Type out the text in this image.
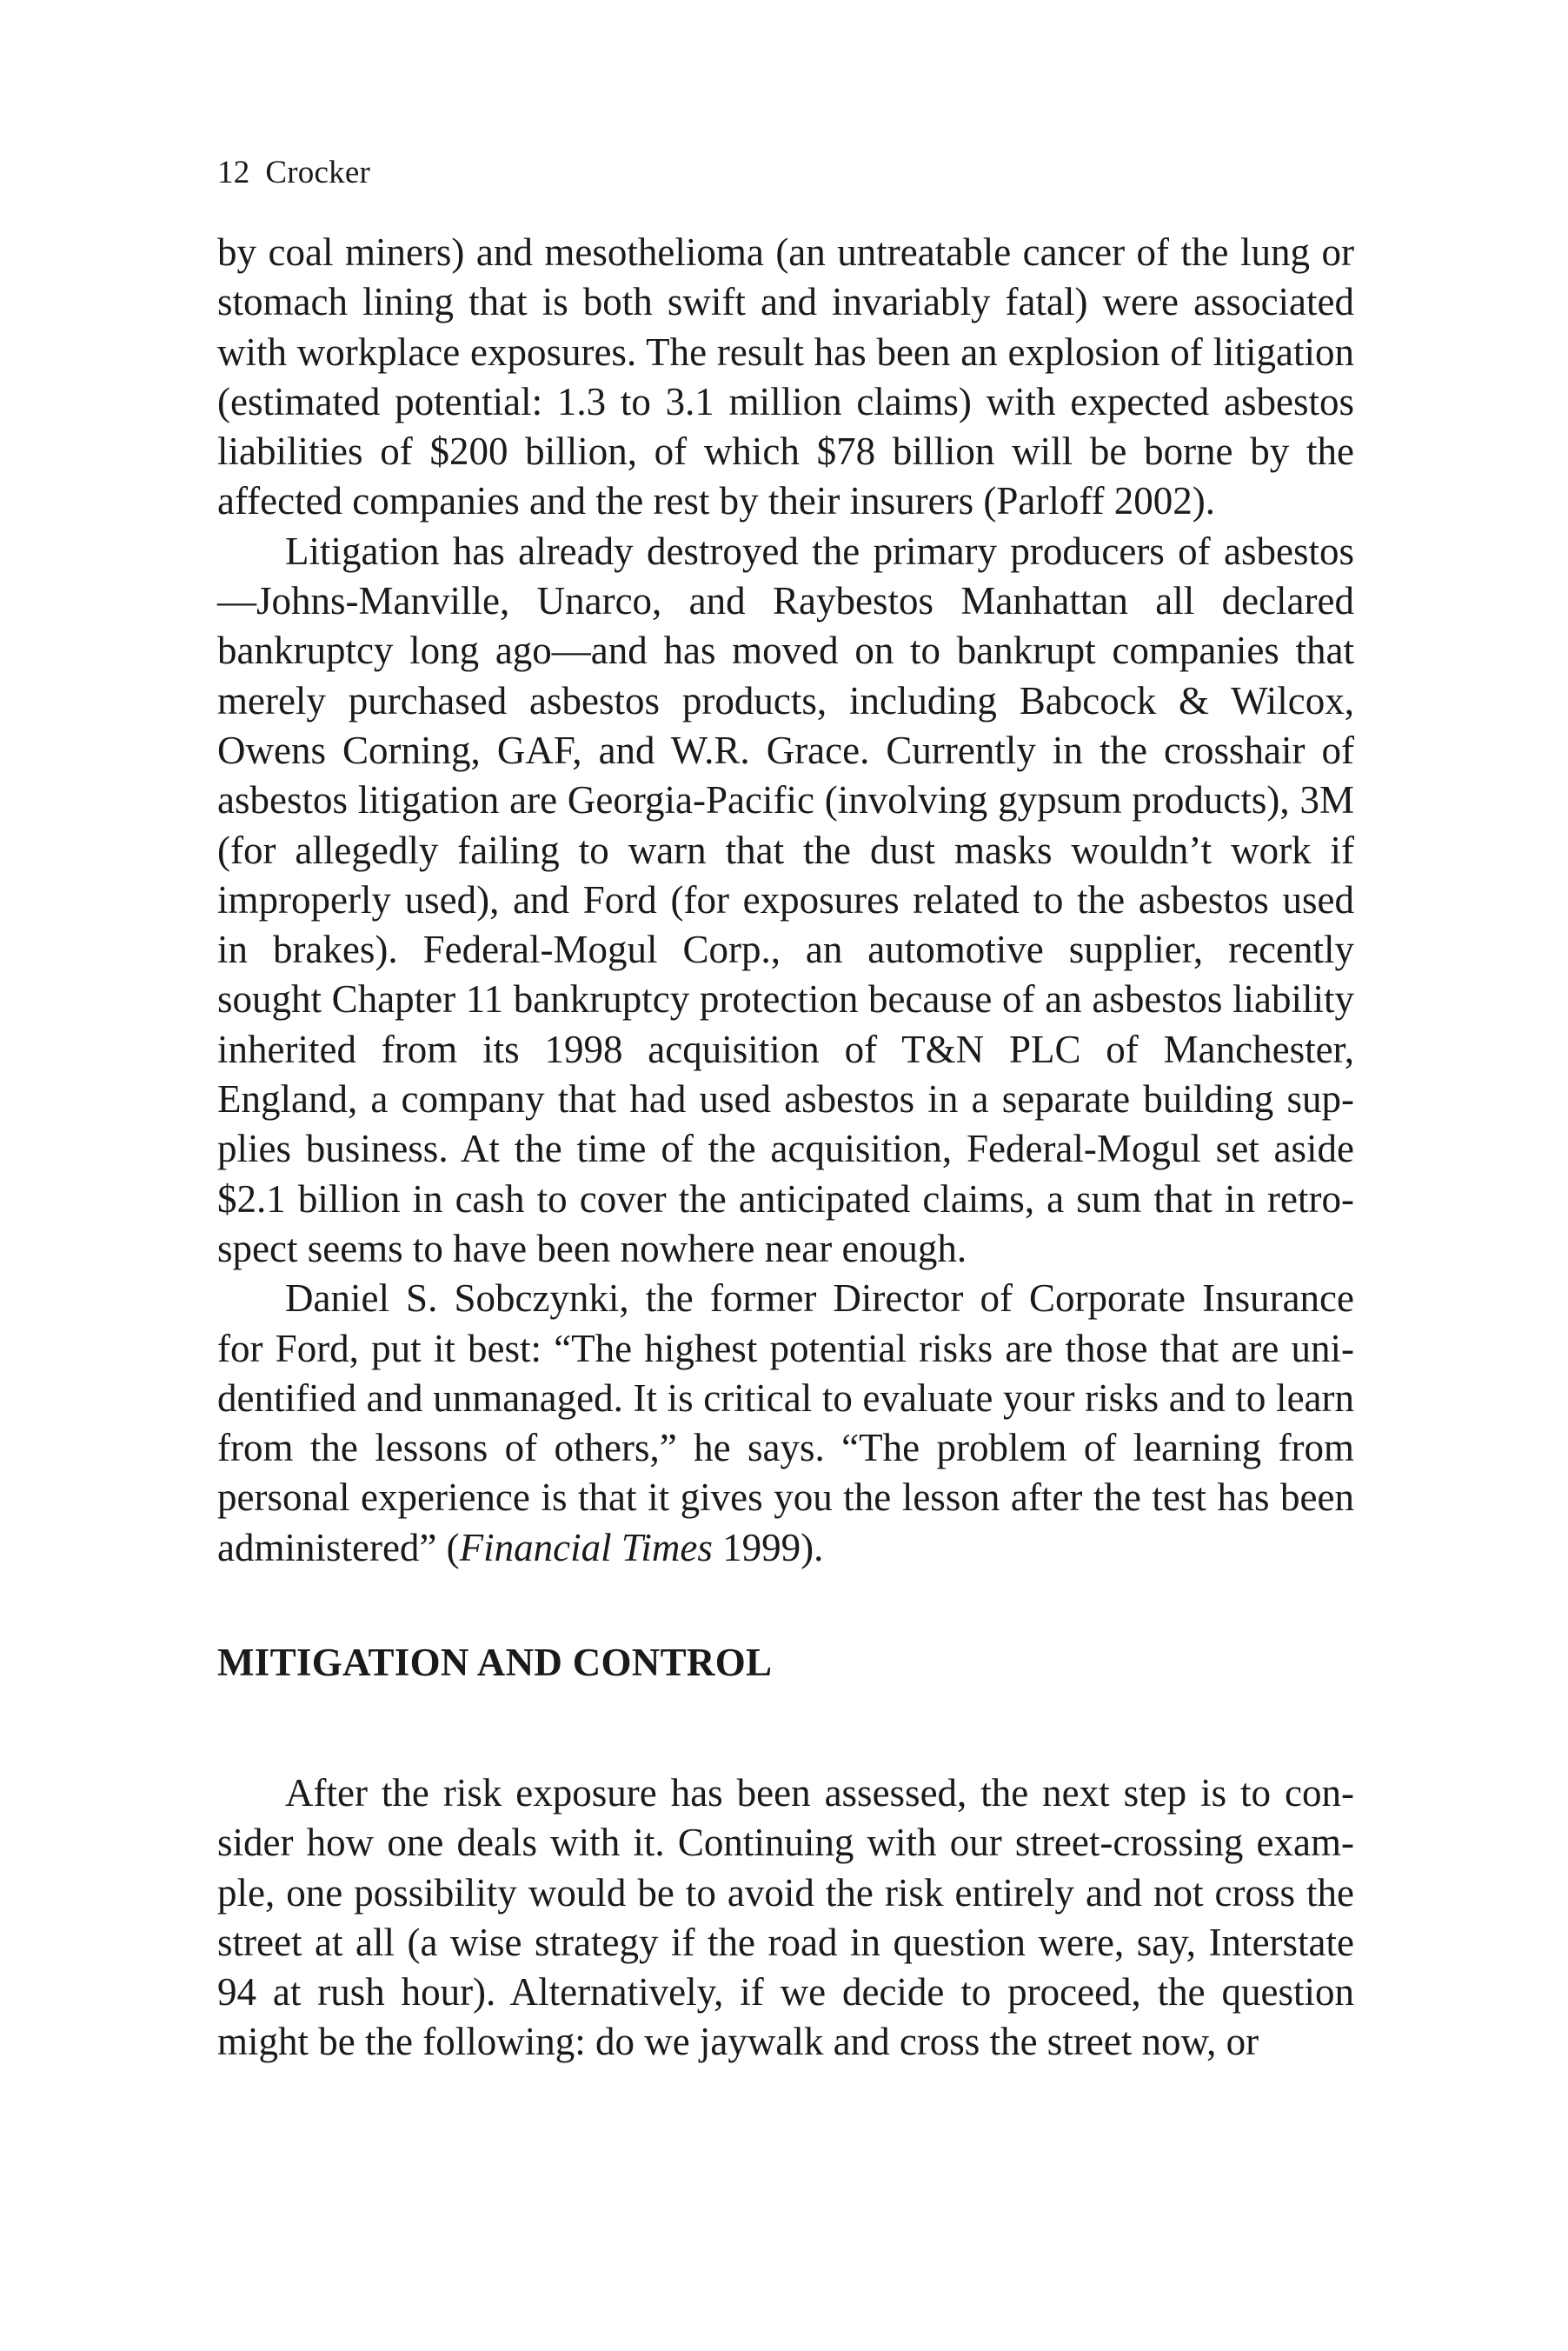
12 Crocker

by coal miners) and mesothelioma (an untreatable cancer of the lung or stomach lining that is both swift and invariably fatal) were associated with workplace exposures. The result has been an explosion of litigation (estimated potential: 1.3 to 3.1 million claims) with expected asbestos liabilities of $200 billion, of which $78 billion will be borne by the affected companies and the rest by their insurers (Parloff 2002).

Litigation has already destroyed the primary producers of asbestos—Johns-Manville, Unarco, and Raybestos Manhattan all declared bankruptcy long ago—and has moved on to bankrupt companies that merely purchased asbestos products, including Babcock & Wilcox, Owens Corning, GAF, and W.R. Grace. Currently in the crosshair of asbestos litigation are Georgia-Pacific (involving gypsum products), 3M (for allegedly failing to warn that the dust masks wouldn’t work if improperly used), and Ford (for exposures related to the asbestos used in brakes). Federal-Mogul Corp., an automotive supplier, recently sought Chapter 11 bankruptcy protection because of an asbestos liability inherited from its 1998 acquisition of T&N PLC of Manchester, England, a company that had used asbestos in a separate building supplies business. At the time of the acquisition, Federal-Mogul set aside $2.1 billion in cash to cover the anticipated claims, a sum that in retrospect seems to have been nowhere near enough.

Daniel S. Sobczynki, the former Director of Corporate Insurance for Ford, put it best: “The highest potential risks are those that are unidentified and unmanaged. It is critical to evaluate your risks and to learn from the lessons of others,” he says. “The problem of learning from personal experience is that it gives you the lesson after the test has been administered” (Financial Times 1999).

MITIGATION AND CONTROL

After the risk exposure has been assessed, the next step is to consider how one deals with it. Continuing with our street-crossing example, one possibility would be to avoid the risk entirely and not cross the street at all (a wise strategy if the road in question were, say, Interstate 94 at rush hour). Alternatively, if we decide to proceed, the question might be the following: do we jaywalk and cross the street now, or
